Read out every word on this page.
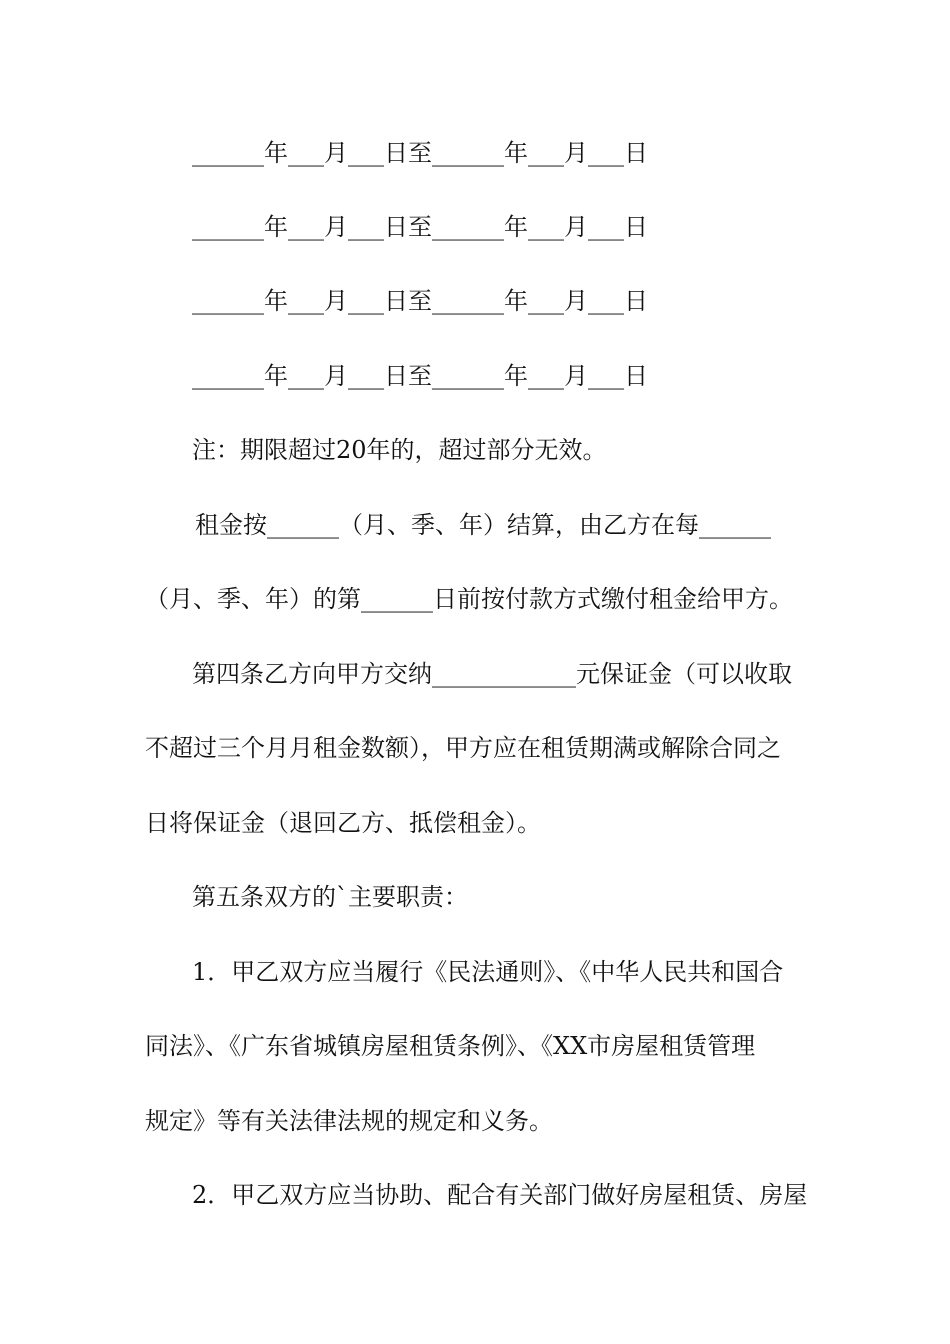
______年___月___日至______年___月___日

______年___月___日至______年___月___日

______年___月___日至______年___月___日

______年___月___日至______年___月___日

注：期限超过20年的，超过部分无效。

租金按______（月、季、年）结算，由乙方在每______

（月、季、年）的第______日前按付款方式缴付租金给甲方。

第四条乙方向甲方交纳____________元保证金（可以收取

不超过三个月月租金数额），甲方应在租赁期满或解除合同之

日将保证金（退回乙方、抵偿租金）。

第五条双方的`主要职责：

1．甲乙双方应当履行《民法通则》、《中华人民共和国合

同法》、《广东省城镇房屋租赁条例》、《XX市房屋租赁管理

规定》等有关法律法规的规定和义务。

2．甲乙双方应当协助、配合有关部门做好房屋租赁、房屋
